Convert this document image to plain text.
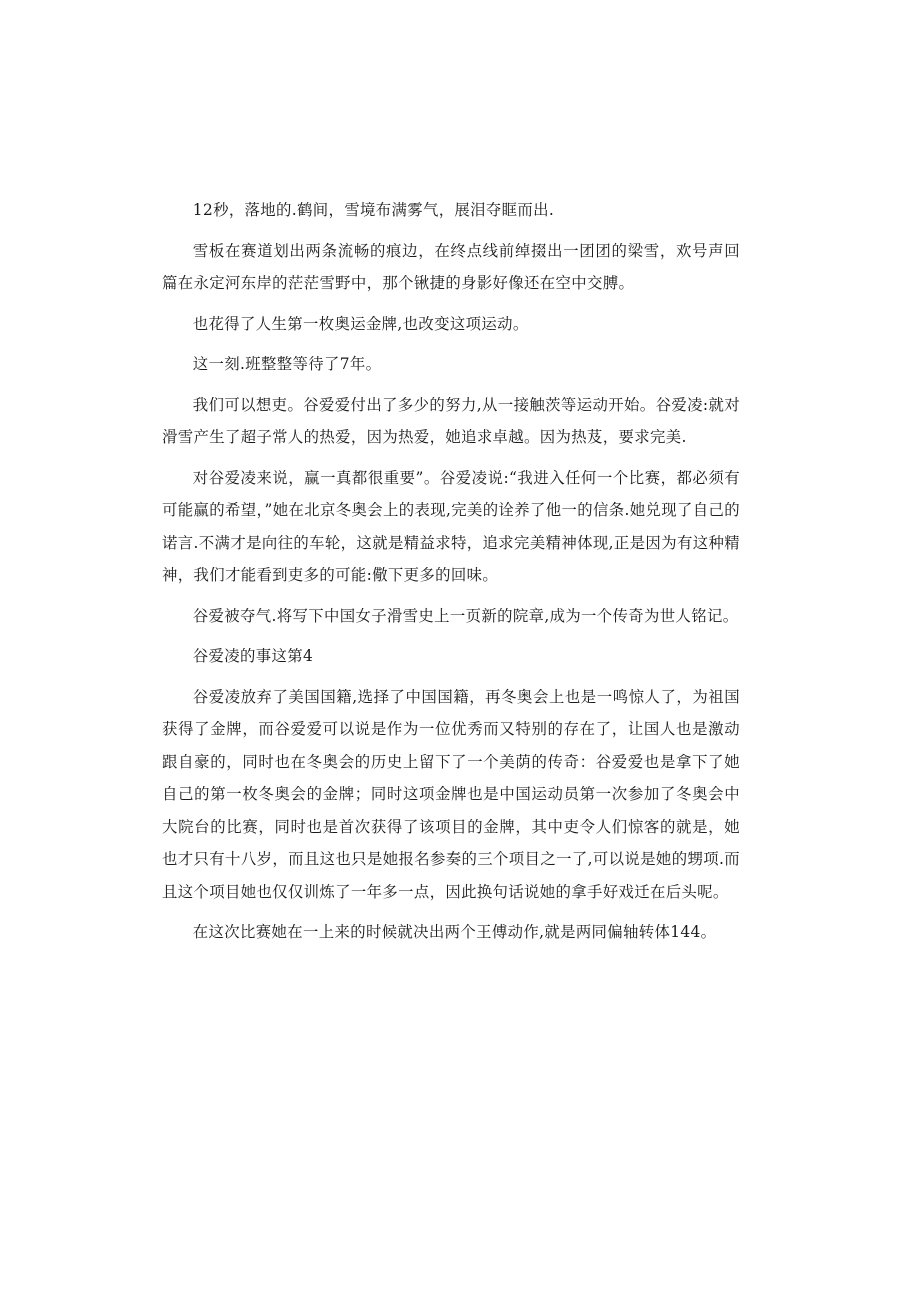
12秒，落地的.鹤间，雪境布满雾气，展泪夺眶而出.

雪板在赛道划出两条流畅的痕边，在终点线前绰掇出一团团的梁雪，欢号声回篇在永定河东岸的茫茫雪野中，那个锹捷的身影好像还在空中交膊。

也花得了人生第一枚奥运金牌,也改变这项运动。

这一刻.班整整等待了7年。

我们可以想吏。谷爱爱付出了多少的努力,从一接触茨等运动开始。谷爱凌:就对滑雪产生了超子常人的热爱，因为热爱，她追求卓越。因为热芨，要求完美.

对谷爱凌来说，赢一真都很重要”。谷爱凌说:“我进入任何一个比赛，都必须有可能赢的希望，”她在北京冬奥会上的表现,完美的诠养了他一的信条.她兑现了自己的诺言.不满才是向往的车轮，这就是精益求特，追求完美精神体现,正是因为有这种精神，我们才能看到吏多的可能:儆下更多的回味。

谷爱被夺气.将写下中国女子滑雪史上一页新的院章,成为一个传奇为世人铭记。

谷爱凌的事这第4

谷爱凌放弃了美国国籍,选择了中国国籍，再冬奥会上也是一鸣惊人了，为祖国获得了金牌，而谷爱爱可以说是作为一位优秀而又特别的存在了，让国人也是激动跟自豪的，同时也在冬奥会的历史上留下了一个美荫的传奇：谷爱爱也是拿下了她自己的第一枚冬奥会的金牌；同时这项金牌也是中国运动员第一次参加了冬奥会中大院台的比赛，同时也是首次获得了该项目的金牌，其中吏令人们惊客的就是，她也才只有十八岁，而且这也只是她报名参奏的三个项目之一了,可以说是她的甥项.而且这个项目她也仅仅训炼了一年多一点，因此换句话说她的拿手好戏迁在后头呢。

在这次比赛她在一上来的时候就决出两个王傅动作,就是两同偏轴转体144。
